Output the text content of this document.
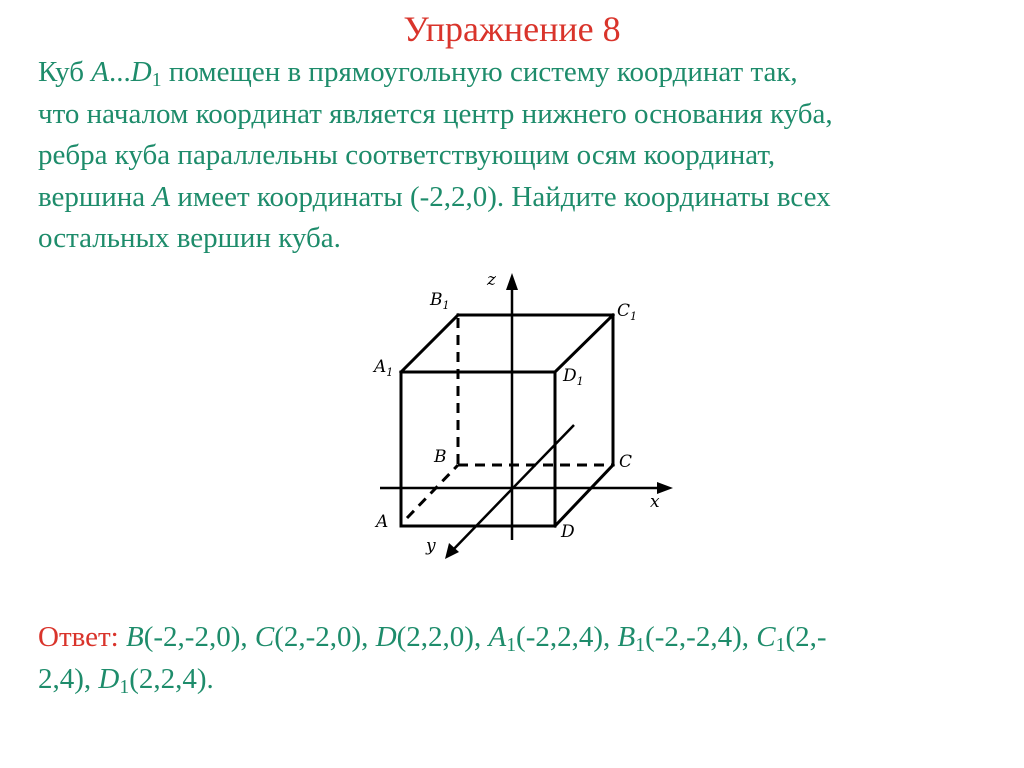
Упражнение 8
Куб $A...D_1$ помещен в прямоугольную систему координат так,
что началом координат является центр нижнего основания куба,
ребра куба параллельны соответствующим осям координат,
вершина A имеет координаты (-2,2,0). Найдите координаты всех
остальных вершин куба.
z
x
y
$B_1$	$C_1$
$A_1$	$D_1$
B	C
A	D
Ответ: B(-2,-2,0), C(2,-2,0), D(2,2,0), $A_1(-2,2,4)$, $B_1(-2,-2,4)$, $C_1(2,-$
2,4), $D_1(2,2,4)$.
